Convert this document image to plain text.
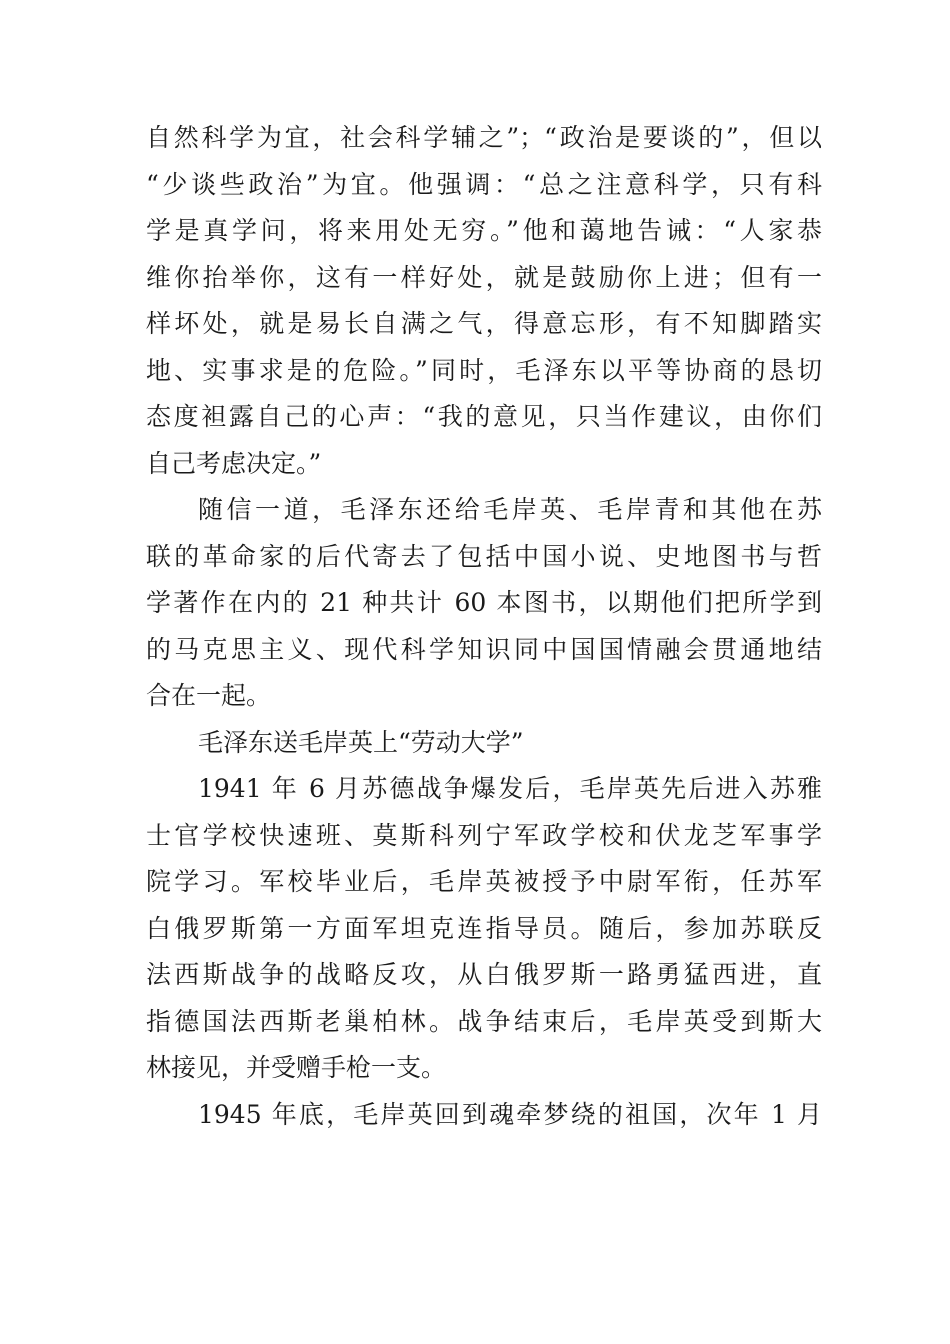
自然科学为宜，社会科学辅之”；“政治是要谈的”，但以
“少谈些政治”为宜。他强调：“总之注意科学，只有科
学是真学问，将来用处无穷。”他和蔼地告诫：“人家恭
维你抬举你，这有一样好处，就是鼓励你上进；但有一
样坏处，就是易长自满之气，得意忘形，有不知脚踏实
地、实事求是的危险。”同时，毛泽东以平等协商的恳切
态度袒露自己的心声：“我的意见，只当作建议，由你们
自己考虑决定。”
随信一道，毛泽东还给毛岸英、毛岸青和其他在苏
联的革命家的后代寄去了包括中国小说、史地图书与哲
学著作在内的 21 种共计 60 本图书，以期他们把所学到
的马克思主义、现代科学知识同中国国情融会贯通地结
合在一起。
毛泽东送毛岸英上“劳动大学”
1941 年 6 月苏德战争爆发后，毛岸英先后进入苏雅
士官学校快速班、莫斯科列宁军政学校和伏龙芝军事学
院学习。军校毕业后，毛岸英被授予中尉军衔，任苏军
白俄罗斯第一方面军坦克连指导员。随后，参加苏联反
法西斯战争的战略反攻，从白俄罗斯一路勇猛西进，直
指德国法西斯老巢柏林。战争结束后，毛岸英受到斯大
林接见，并受赠手枪一支。
1945 年底，毛岸英回到魂牵梦绕的祖国，次年 1 月
